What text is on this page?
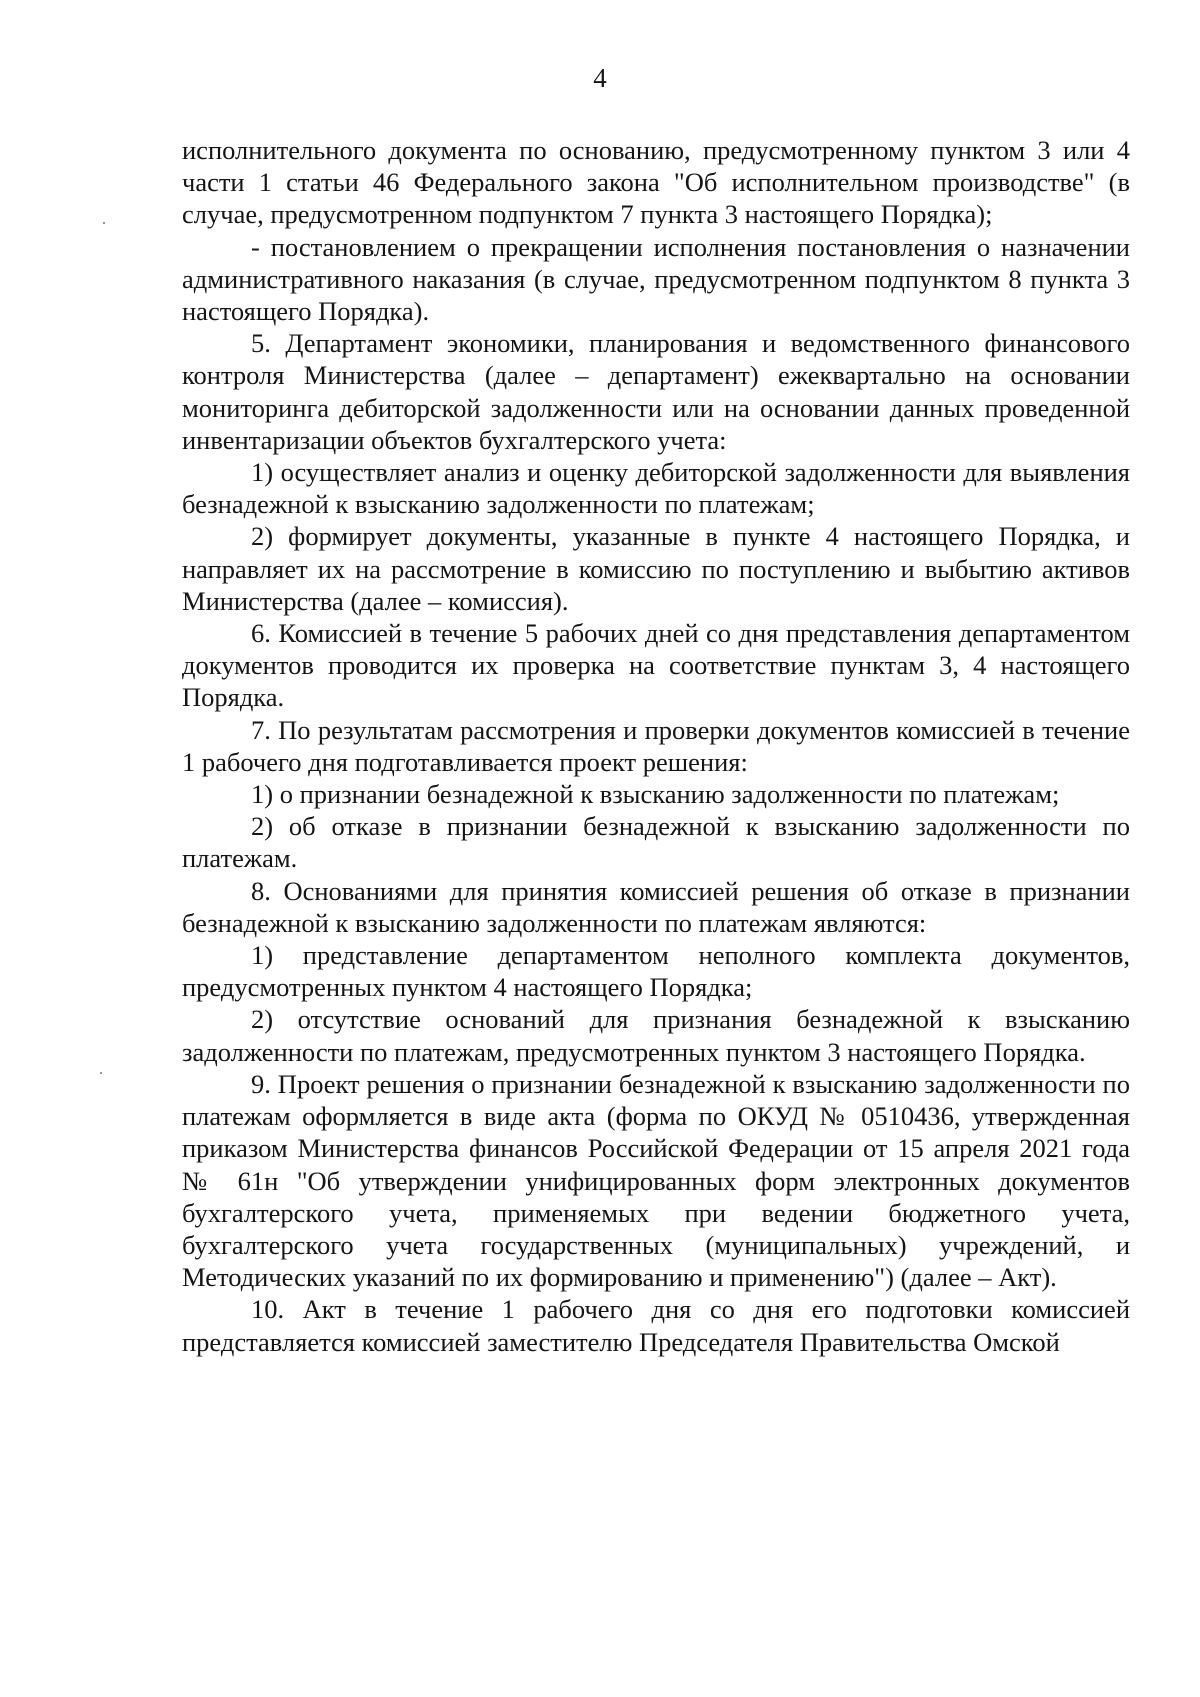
4

исполнительного документа по основанию, предусмотренному пунктом 3 или 4 части 1 статьи 46 Федерального закона "Об исполнительном производстве" (в случае, предусмотренном подпунктом 7 пункта 3 настоящего Порядка);

- постановлением о прекращении исполнения постановления о назначении административного наказания (в случае, предусмотренном подпунктом 8 пункта 3 настоящего Порядка).

5. Департамент экономики, планирования и ведомственного финансового контроля Министерства (далее – департамент) ежеквартально на основании мониторинга дебиторской задолженности или на основании данных проведенной инвентаризации объектов бухгалтерского учета:

1) осуществляет анализ и оценку дебиторской задолженности для выявления безнадежной к взысканию задолженности по платежам;

2) формирует документы, указанные в пункте 4 настоящего Порядка, и направляет их на рассмотрение в комиссию по поступлению и выбытию активов Министерства (далее – комиссия).

6. Комиссией в течение 5 рабочих дней со дня представления департаментом документов проводится их проверка на соответствие пунктам 3, 4 настоящего Порядка.

7. По результатам рассмотрения и проверки документов комиссией в течение 1 рабочего дня подготавливается проект решения:

1) о признании безнадежной к взысканию задолженности по платежам;

2) об отказе в признании безнадежной к взысканию задолженности по платежам.

8. Основаниями для принятия комиссией решения об отказе в признании безнадежной к взысканию задолженности по платежам являются:

1) представление департаментом неполного комплекта документов, предусмотренных пунктом 4 настоящего Порядка;

2) отсутствие оснований для признания безнадежной к взысканию задолженности по платежам, предусмотренных пунктом 3 настоящего Порядка.

9. Проект решения о признании безнадежной к взысканию задолженности по платежам оформляется в виде акта (форма по ОКУД № 0510436, утвержденная приказом Министерства финансов Российской Федерации от 15 апреля 2021 года № 61н "Об утверждении унифицированных форм электронных документов бухгалтерского учета, применяемых при ведении бюджетного учета, бухгалтерского учета государственных (муниципальных) учреждений, и Методических указаний по их формированию и применению") (далее – Акт).

10. Акт в течение 1 рабочего дня со дня его подготовки комиссией представляется комиссией заместителю Председателя Правительства Омской
